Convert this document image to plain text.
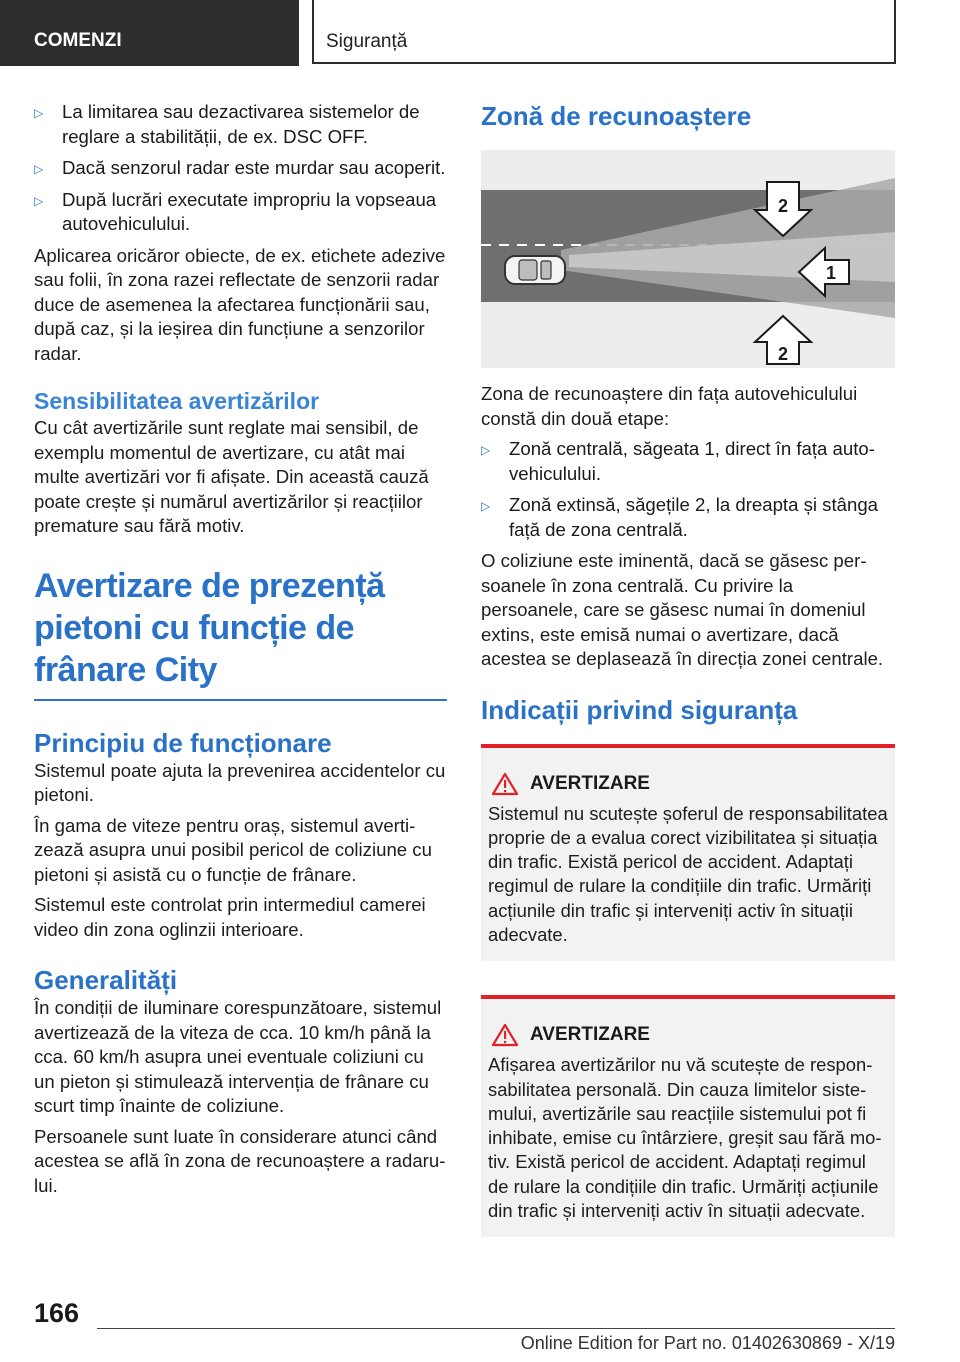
COMENZI	Siguranță
▷ La limitarea sau dezactivarea sistemelor de reglare a stabilității, de ex. DSC OFF.
▷ Dacă senzorul radar este murdar sau acoperit.
▷ După lucrări executate impropriu la vopseaua autovehiculului.

Aplicarea oricăror obiecte, de ex. etichete adezive sau folii, în zona razei reflectate de senzorii radar duce de asemenea la afectarea funcționării sau, după caz, și la ieșirea din funcțiune a senzorilor radar.

Sensibilitatea avertizărilor

Cu cât avertizările sunt reglate mai sensibil, de exemplu momentul de avertizare, cu atât mai multe avertizări vor fi afișate. Din această cauză poate crește și numărul avertizărilor și reacțiilor premature sau fără motiv.

Avertizare de prezență pietoni cu funcție de frânare City
Principiu de funcționare

Sistemul poate ajuta la prevenirea accidentelor cu pietoni.

În gama de viteze pentru oraș, sistemul avertizează asupra unui posibil pericol de coliziune cu pietoni și asistă cu o funcție de frânare.

Sistemul este controlat prin intermediul camerei video din zona oglinzii interioare.

Generalități

În condiții de iluminare corespunzătoare, sistemul avertizează de la viteza de cca. 10 km/h până la cca. 60 km/h asupra unei eventuale coliziuni cu un pieton și stimulează intervenția de frânare cu scurt timp înainte de coliziune.

Persoanele sunt luate în considerare atunci când acestea se află în zona de recunoaștere a radarului.

Zonă de recunoaștere
1
2
2

Zona de recunoaștere din fața autovehiculului constă din două etape:

▷ Zonă centrală, săgeata 1, direct în fața autovehiculului.
▷ Zonă extinsă, săgețile 2, la dreapta și stânga față de zona centrală.

O coliziune este iminentă, dacă se găsesc persoanele în zona centrală. Cu privire la persoanele, care se găsesc numai în domeniul extins, este emisă numai o avertizare, dacă acestea se deplasează în direcția zonei centrale.

Indicații privind siguranța
AVERTIZARE

Sistemul nu scutește șoferul de responsabilitatea proprie de a evalua corect vizibilitatea și situația din trafic. Există pericol de accident. Adaptați regimul de rulare la condițiile din trafic. Urmăriți acțiunile din trafic și interveniți activ în situații adecvate.

AVERTIZARE

Afișarea avertizărilor nu vă scutește de responsabilitatea personală. Din cauza limitelor sistemului, avertizările sau reacțiile sistemului pot fi inhibate, emise cu întârziere, greșit sau fără motiv. Există pericol de accident. Adaptați regimul de rulare la condițiile din trafic. Urmăriți acțiunile din trafic și interveniți activ în situații adecvate.

166
Online Edition for Part no. 01402630869 - X/19
